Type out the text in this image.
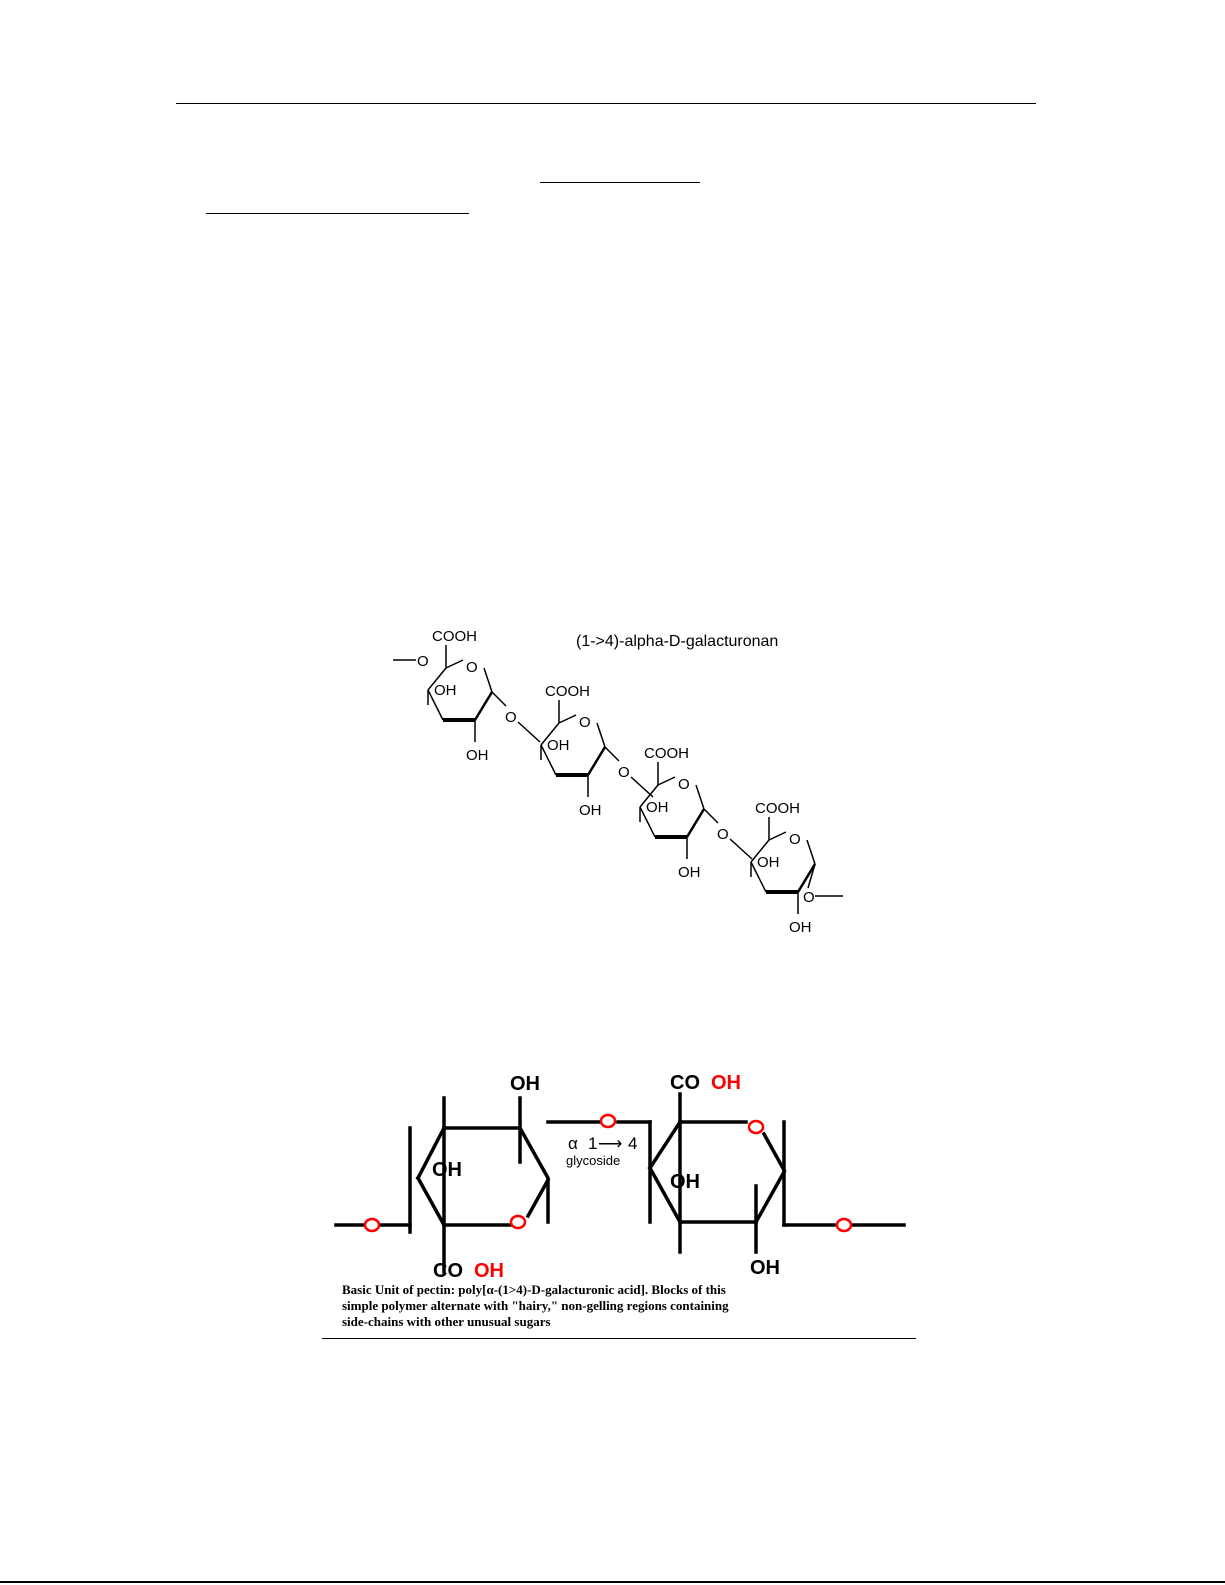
(1->4)-alpha-D-galacturonan
COOH
O
OH
OH
O
COOH
O
OH
OH
O
COOH
O
OH
OH
O
COOH
O
OH
OH
O
O
OH
OH
CO OH
CO OH
OH
OH
α 1 ⟶ 4
glycoside

Basic Unit of pectin: poly[α-(1>4)-D-galacturonic acid]. Blocks of this
simple polymer alternate with "hairy," non-gelling regions containing
side-chains with other unusual sugars
